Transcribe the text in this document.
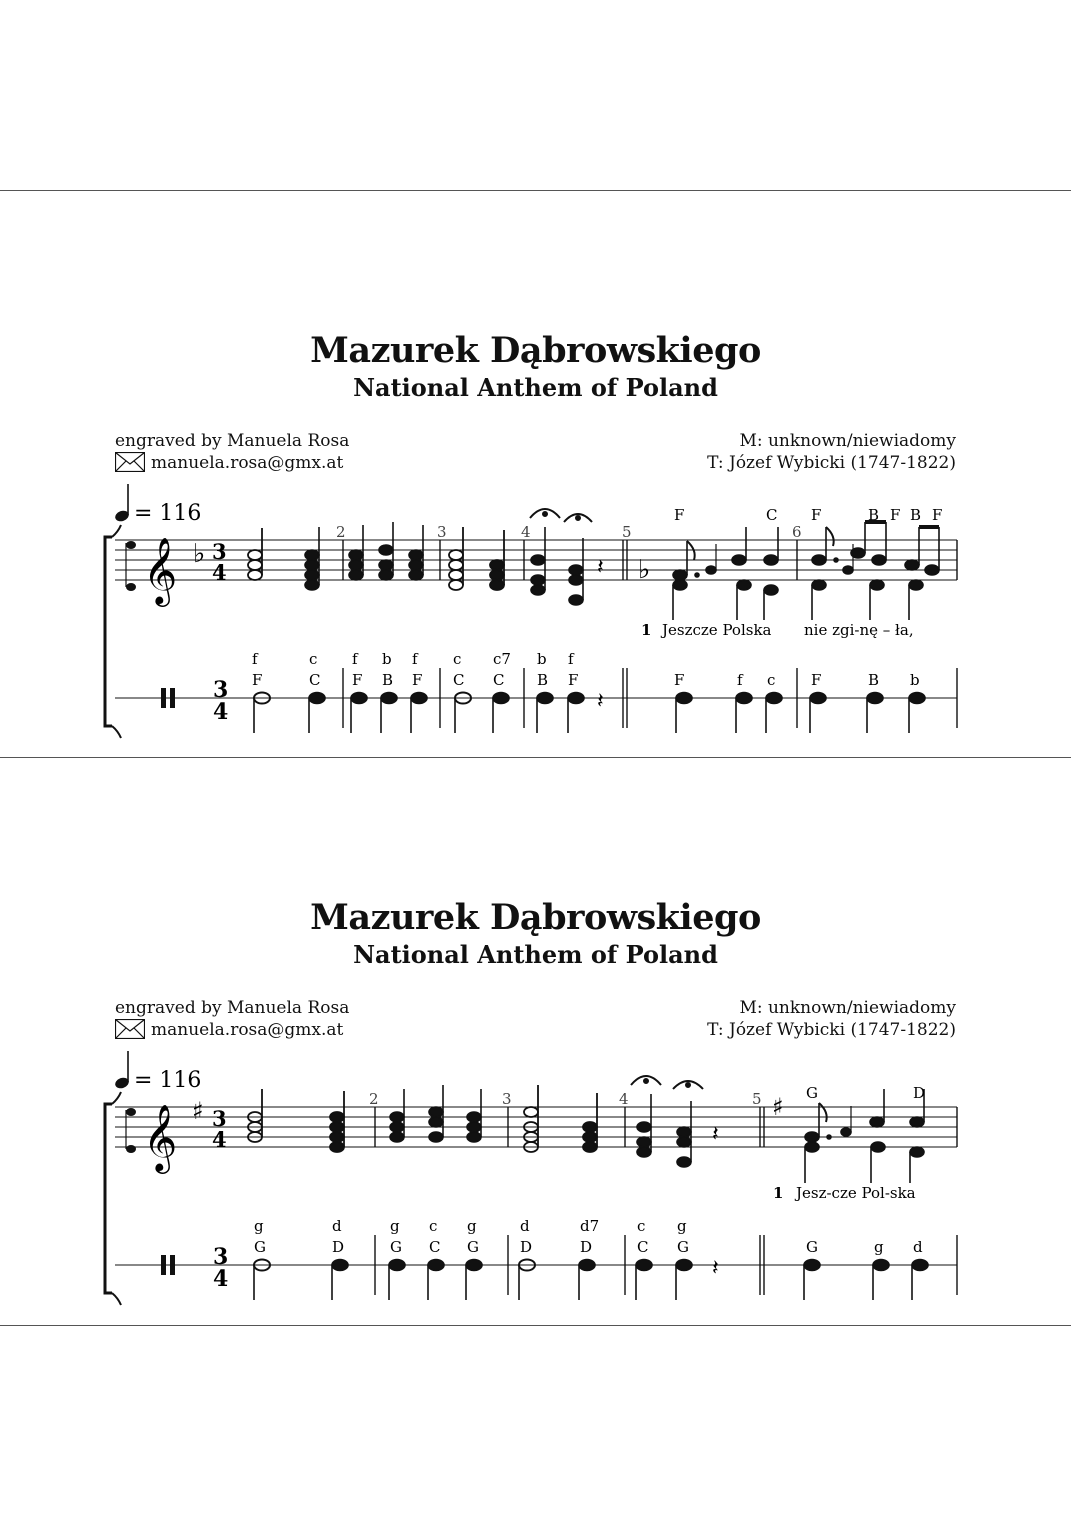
Mazurek Dąbrowskiego
National Anthem of Poland
engraved by Manuela Rosa
manuela.rosa@gmx.at
M: unknown/niewiadomy
T: Józef Wybicki (1747-1822)
= 116
𝄞 ♭ 3
4	𝄽 ♭
F	C F	B F B F
2	3	4	5	6
1 Jeszcze Polska nie zgi-nę – ła,
3
4
f	c f b f c c7 b f
F	C F B F C C B F	F	f c F	B b
𝄽
Mazurek Dąbrowskiego
National Anthem of Poland
engraved by Manuela Rosa
manuela.rosa@gmx.at
M: unknown/niewiadomy
T: Józef Wybicki (1747-1822)
= 116
𝄞 ♯ 3
4	𝄽
♯ G	D
2	3	4	5
1 Jesz-cze Pol-ska
3
4
g	d	g c g	d	d7	c g
G	D	G C G	D	D	C G	G	g d
𝄽
